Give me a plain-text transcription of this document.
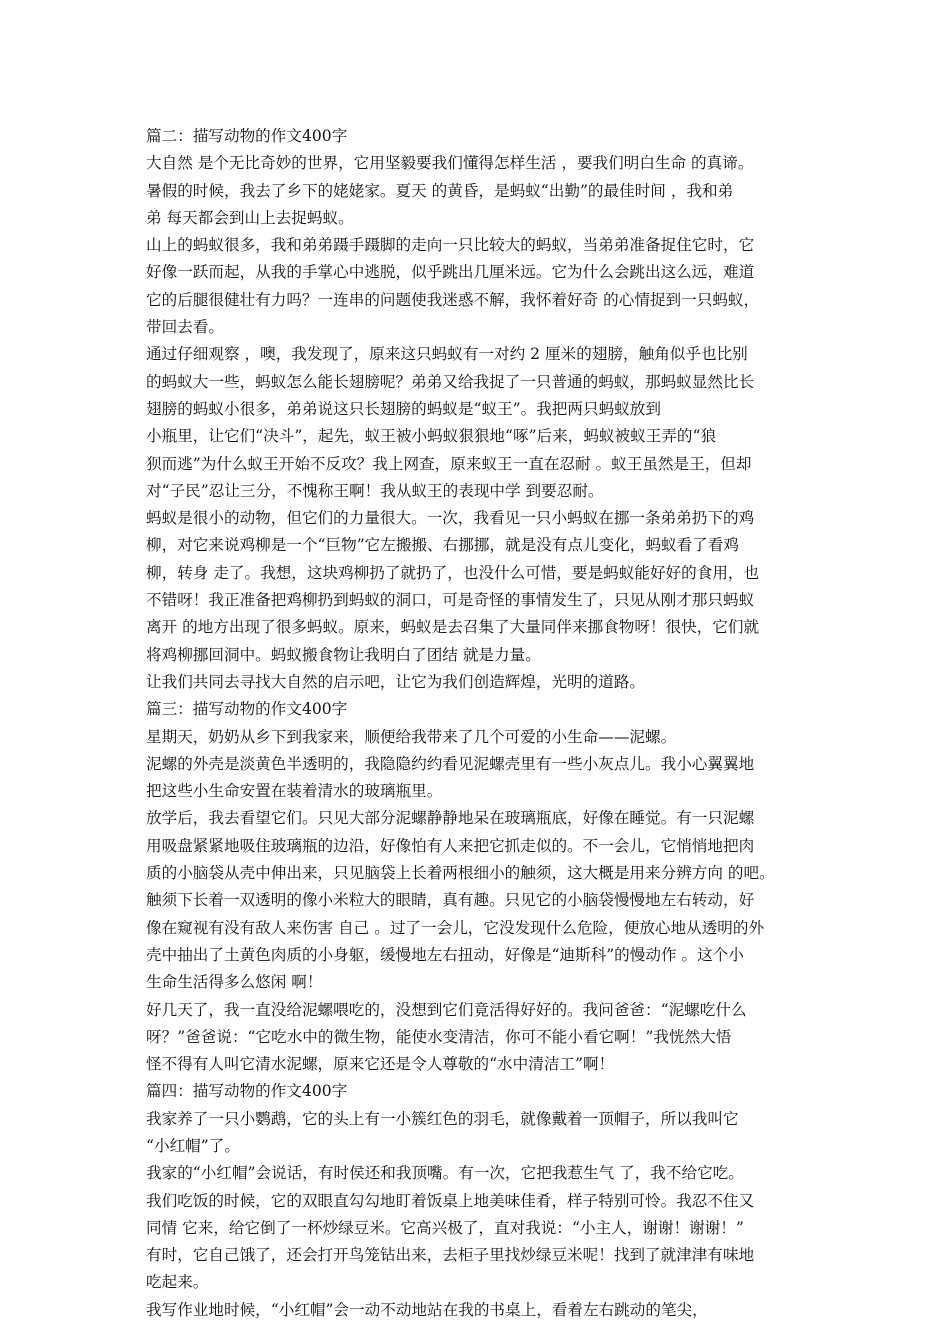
篇二：描写动物的作文400字
大自然 是个无比奇妙的世界，它用坚毅要我们懂得怎样生活 ，要我们明白生命 的真谛。
暑假的时候，我去了乡下的姥姥家。夏天 的黄昏，是蚂蚁“出勤”的最佳时间 ，我和弟
弟 每天都会到山上去捉蚂蚁。
山上的蚂蚁很多，我和弟弟蹑手蹑脚的走向一只比较大的蚂蚁，当弟弟准备捉住它时，它
好像一跃而起，从我的手掌心中逃脱，似乎跳出几厘米远。它为什么会跳出这么远，难道
它的后腿很健壮有力吗？一连串的问题使我迷惑不解，我怀着好奇 的心情捉到一只蚂蚁，
带回去看。
通过仔细观察 ，噢，我发现了，原来这只蚂蚁有一对约 2 厘米的翅膀，触角似乎也比别
的蚂蚁大一些，蚂蚁怎么能长翅膀呢？弟弟又给我捉了一只普通的蚂蚁，那蚂蚁显然比长
翅膀的蚂蚁小很多，弟弟说这只长翅膀的蚂蚁是“蚁王”。我把两只蚂蚁放到
小瓶里，让它们“决斗”，起先，蚁王被小蚂蚁狠狠地“啄”后来，蚂蚁被蚁王弄的“狼
狈而逃”为什么蚁王开始不反攻？我上网查，原来蚁王一直在忍耐 。蚁王虽然是王，但却
对“子民”忍让三分，不愧称王啊！我从蚁王的表现中学 到要忍耐。
蚂蚁是很小的动物，但它们的力量很大。一次，我看见一只小蚂蚁在挪一条弟弟扔下的鸡
柳，对它来说鸡柳是一个“巨物”它左搬搬、右挪挪，就是没有点儿变化，蚂蚁看了看鸡
柳，转身 走了。我想，这块鸡柳扔了就扔了，也没什么可惜，要是蚂蚁能好好的食用，也
不错呀！我正准备把鸡柳扔到蚂蚁的洞口，可是奇怪的事情发生了，只见从刚才那只蚂蚁
离开 的地方出现了很多蚂蚁。原来，蚂蚁是去召集了大量同伴来挪食物呀！很快，它们就
将鸡柳挪回洞中。蚂蚁搬食物让我明白了团结 就是力量。
让我们共同去寻找大自然的启示吧，让它为我们创造辉煌，光明的道路。
篇三：描写动物的作文400字
星期天，奶奶从乡下到我家来，顺便给我带来了几个可爱的小生命——泥螺。
泥螺的外壳是淡黄色半透明的，我隐隐约约看见泥螺壳里有一些小灰点儿。我小心翼翼地
把这些小生命安置在装着清水的玻璃瓶里。
放学后，我去看望它们。只见大部分泥螺静静地呆在玻璃瓶底，好像在睡觉。有一只泥螺
用吸盘紧紧地吸住玻璃瓶的边沿，好像怕有人来把它抓走似的。不一会儿，它悄悄地把肉
质的小脑袋从壳中伸出来，只见脑袋上长着两根细小的触须，这大概是用来分辨方向 的吧。
触须下长着一双透明的像小米粒大的眼睛，真有趣。只见它的小脑袋慢慢地左右转动，好
像在窥视有没有敌人来伤害 自己 。过了一会儿，它没发现什么危险，便放心地从透明的外
壳中抽出了土黄色肉质的小身躯，缓慢地左右扭动，好像是“迪斯科”的慢动作 。这个小
生命生活得多么悠闲 啊！
好几天了，我一直没给泥螺喂吃的，没想到它们竟活得好好的。我问爸爸：“泥螺吃什么
呀？”爸爸说：“它吃水中的微生物，能使水变清洁，你可不能小看它啊！”我恍然大悟
怪不得有人叫它清水泥螺，原来它还是令人尊敬的“水中清洁工”啊！
篇四：描写动物的作文400字
我家养了一只小鹦鹉，它的头上有一小簇红色的羽毛，就像戴着一顶帽子，所以我叫它
“小红帽”了。
我家的“小红帽”会说话，有时侯还和我顶嘴。有一次，它把我惹生气 了，我不给它吃。
我们吃饭的时候，它的双眼直勾勾地盯着饭桌上地美味佳肴，样子特别可怜。我忍不住又
同情 它来，给它倒了一杯炒绿豆米。它高兴极了，直对我说：“小主人，谢谢！谢谢！”
有时，它自己饿了，还会打开鸟笼钻出来，去柜子里找炒绿豆米呢！找到了就津津有味地
吃起来。
我写作业地时候，“小红帽”会一动不动地站在我的书桌上，看着左右跳动的笔尖，
